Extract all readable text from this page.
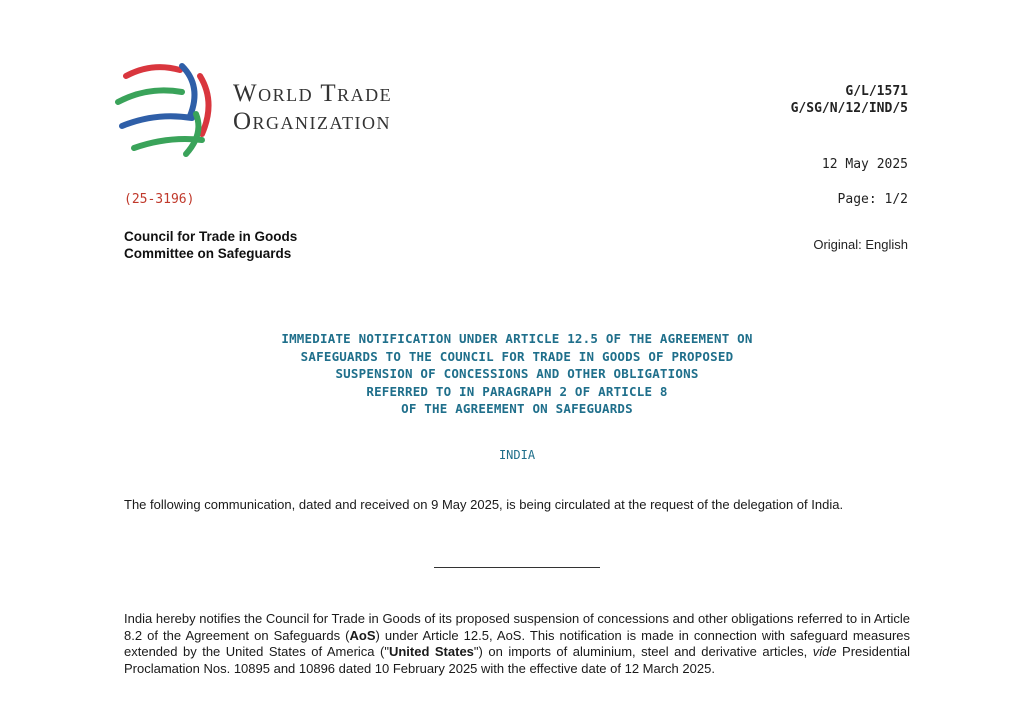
World Trade
Organization
G/L/1571
G/SG/N/12/IND/5
12 May 2025
(25-3196)	Page: 1/2
Council for Trade in Goods
Committee on Safeguards
Original: English
IMMEDIATE NOTIFICATION UNDER ARTICLE 12.5 OF THE AGREEMENT ON
SAFEGUARDS TO THE COUNCIL FOR TRADE IN GOODS OF PROPOSED
SUSPENSION OF CONCESSIONS AND OTHER OBLIGATIONS
REFERRED TO IN PARAGRAPH 2 OF ARTICLE 8
OF THE AGREEMENT ON SAFEGUARDS
INDIA
The following communication, dated and received on 9 May 2025, is being circulated at the request of the delegation of India.
India hereby notifies the Council for Trade in Goods of its proposed suspension of concessions and other obligations referred to in Article 8.2 of the Agreement on Safeguards (AoS) under Article 12.5, AoS. This notification is made in connection with safeguard measures extended by the United States of America ("United States") on imports of aluminium, steel and derivative articles, vide Presidential Proclamation Nos. 10895 and 10896 dated 10 February 2025 with the effective date of 12 March 2025.
